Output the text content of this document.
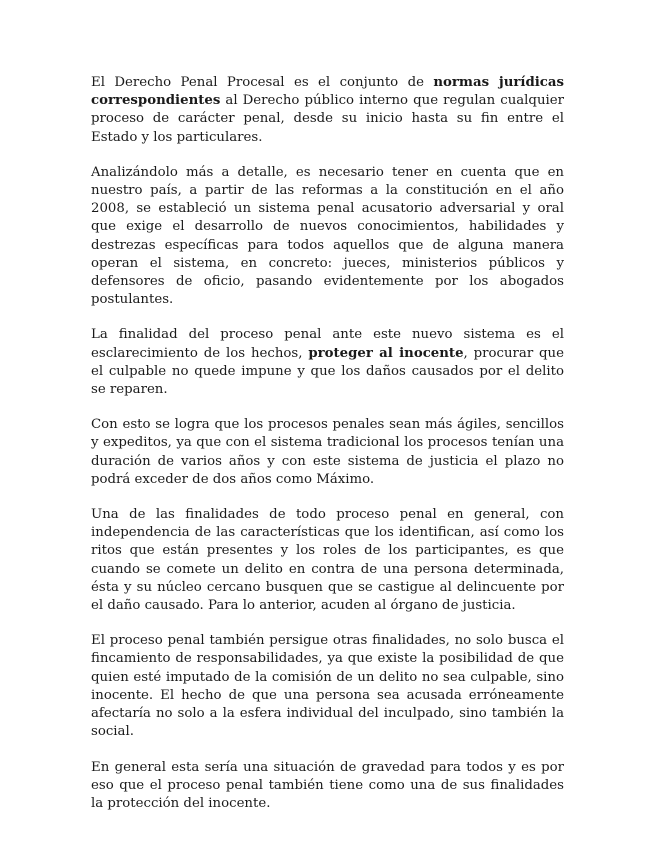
El Derecho Penal Procesal es el conjunto de normas jurídicas correspondientes al Derecho público interno que regulan cualquier proceso de carácter penal, desde su inicio hasta su fin entre el Estado y los particulares.

Analizándolo más a detalle, es necesario tener en cuenta que en nuestro país, a partir de las reformas a la constitución en el año 2008, se estableció un sistema penal acusatorio adversarial y oral que exige el desarrollo de nuevos conocimientos, habilidades y destrezas específicas para todos aquellos que de alguna manera operan el sistema, en concreto: jueces, ministerios públicos y defensores de oficio, pasando evidentemente por los abogados postulantes.

La finalidad del proceso penal ante este nuevo sistema es el esclarecimiento de los hechos, proteger al inocente, procurar que el culpable no quede impune y que los daños causados por el delito se reparen.

Con esto se logra que los procesos penales sean más ágiles, sencillos y expeditos, ya que con el sistema tradicional los procesos tenían una duración de varios años y con este sistema de justicia el plazo no podrá exceder de dos años como Máximo.

Una de las finalidades de todo proceso penal en general, con independencia de las características que los identifican, así como los ritos que están presentes y los roles de los participantes, es que cuando se comete un delito en contra de una persona determinada, ésta y su núcleo cercano busquen que se castigue al delincuente por el daño causado. Para lo anterior, acuden al órgano de justicia.

El proceso penal también persigue otras finalidades, no solo busca el fincamiento de responsabilidades, ya que existe la posibilidad de que quien esté imputado de la comisión de un delito no sea culpable, sino inocente. El hecho de que una persona sea acusada erróneamente afectaría no solo a la esfera individual del inculpado, sino también la social.

En general esta sería una situación de gravedad para todos y es por eso que el proceso penal también tiene como una de sus finalidades la protección del inocente.
